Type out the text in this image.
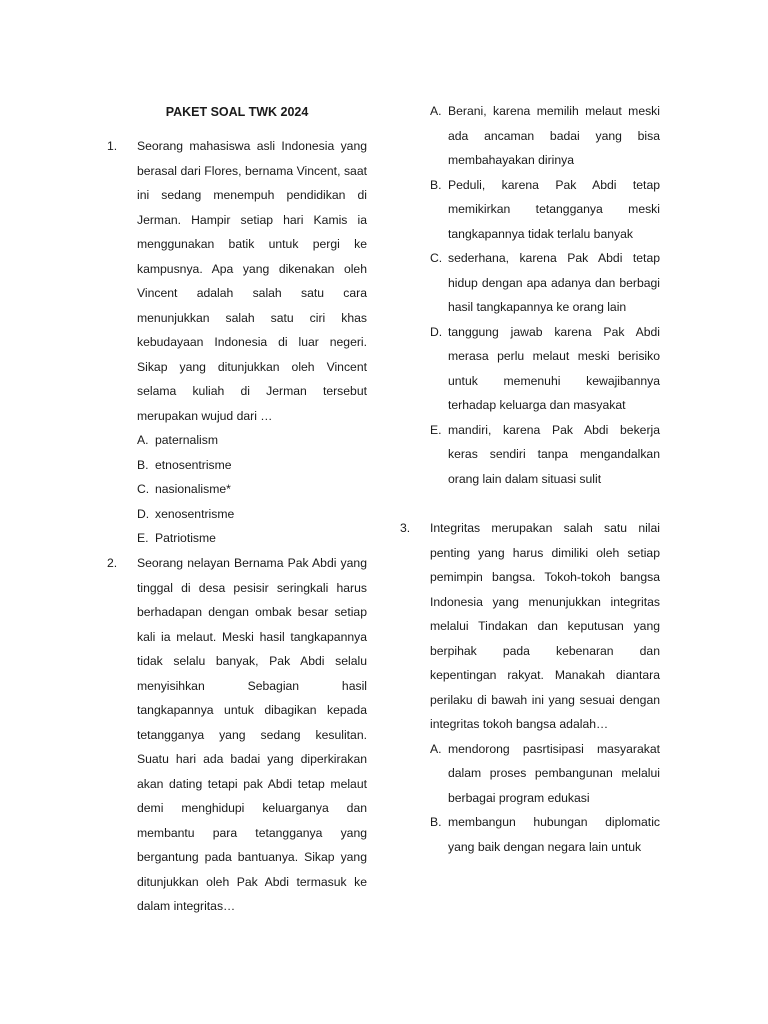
PAKET SOAL TWK 2024
1. Seorang mahasiswa asli Indonesia yang berasal dari Flores, bernama Vincent, saat ini sedang menempuh pendidikan di Jerman. Hampir setiap hari Kamis ia menggunakan batik untuk pergi ke kampusnya. Apa yang dikenakan oleh Vincent adalah salah satu cara menunjukkan salah satu ciri khas kebudayaan Indonesia di luar negeri. Sikap yang ditunjukkan oleh Vincent selama kuliah di Jerman tersebut merupakan wujud dari …
A. paternalism
B. etnosentrisme
C. nasionalisme*
D. xenosentrisme
E. Patriotisme
2. Seorang nelayan Bernama Pak Abdi yang tinggal di desa pesisir seringkali harus berhadapan dengan ombak besar setiap kali ia melaut. Meski hasil tangkapannya tidak selalu banyak, Pak Abdi selalu menyisihkan Sebagian hasil tangkapannya untuk dibagikan kepada tetangganya yang sedang kesulitan. Suatu hari ada badai yang diperkirakan akan dating tetapi pak Abdi tetap melaut demi menghidupi keluarganya dan membantu para tetangganya yang bergantung pada bantuanya. Sikap yang ditunjukkan oleh Pak Abdi termasuk ke dalam integritas…
A. Berani, karena memilih melaut meski ada ancaman badai yang bisa membahayakan dirinya
B. Peduli, karena Pak Abdi tetap memikirkan tetangganya meski tangkapannya tidak terlalu banyak
C. sederhana, karena Pak Abdi tetap hidup dengan apa adanya dan berbagi hasil tangkapannya ke orang lain
D. tanggung jawab karena Pak Abdi merasa perlu melaut meski berisiko untuk memenuhi kewajibannya terhadap keluarga dan masyakat
E. mandiri, karena Pak Abdi bekerja keras sendiri tanpa mengandalkan orang lain dalam situasi sulit
3. Integritas merupakan salah satu nilai penting yang harus dimiliki oleh setiap pemimpin bangsa. Tokoh-tokoh bangsa Indonesia yang menunjukkan integritas melalui Tindakan dan keputusan yang berpihak pada kebenaran dan kepentingan rakyat. Manakah diantara perilaku di bawah ini yang sesuai dengan integritas tokoh bangsa adalah…
A. mendorong pasrtisipasi masyarakat dalam proses pembangunan melalui berbagai program edukasi
B. membangun hubungan diplomatic yang baik dengan negara lain untuk
